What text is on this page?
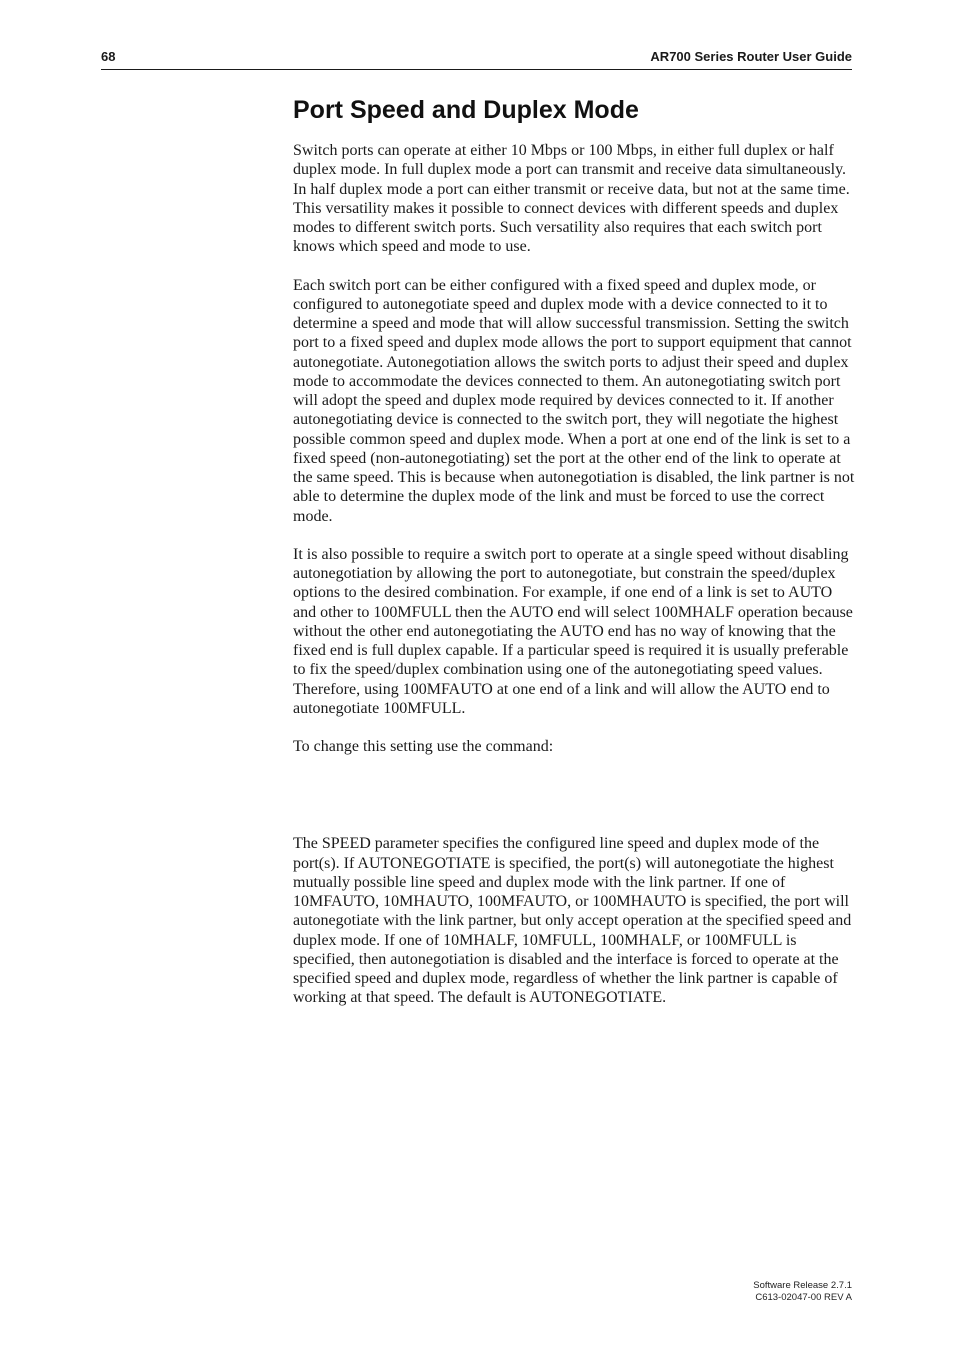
68	AR700 Series Router User Guide
Port Speed and Duplex Mode

Switch ports can operate at either 10 Mbps or 100 Mbps, in either full duplex or half duplex mode. In full duplex mode a port can transmit and receive data simultaneously. In half duplex mode a port can either transmit or receive data, but not at the same time. This versatility makes it possible to connect devices with different speeds and duplex modes to different switch ports. Such versatility also requires that each switch port knows which speed and mode to use.

Each switch port can be either configured with a fixed speed and duplex mode, or configured to autonegotiate speed and duplex mode with a device connected to it to determine a speed and mode that will allow successful transmission. Setting the switch port to a fixed speed and duplex mode allows the port to support equipment that cannot autonegotiate. Autonegotiation allows the switch ports to adjust their speed and duplex mode to accommodate the devices connected to them. An autonegotiating switch port will adopt the speed and duplex mode required by devices connected to it. If another autonegotiating device is connected to the switch port, they will negotiate the highest possible common speed and duplex mode. When a port at one end of the link is set to a fixed speed (non-autonegotiating) set the port at the other end of the link to operate at the same speed. This is because when autonegotiation is disabled, the link partner is not able to determine the duplex mode of the link and must be forced to use the correct mode.

It is also possible to require a switch port to operate at a single speed without disabling autonegotiation by allowing the port to autonegotiate, but constrain the speed/duplex options to the desired combination. For example, if one end of a link is set to AUTO and other to 100MFULL then the AUTO end will select 100MHALF operation because without the other end autonegotiating the AUTO end has no way of knowing that the fixed end is full duplex capable. If a particular speed is required it is usually preferable to fix the speed/duplex combination using one of the autonegotiating speed values. Therefore, using 100MFAUTO at one end of a link and will allow the AUTO end to autonegotiate 100MFULL.

To change this setting use the command:

The SPEED parameter specifies the configured line speed and duplex mode of the port(s). If AUTONEGOTIATE is specified, the port(s) will autonegotiate the highest mutually possible line speed and duplex mode with the link partner. If one of 10MFAUTO, 10MHAUTO, 100MFAUTO, or 100MHAUTO is specified, the port will autonegotiate with the link partner, but only accept operation at the specified speed and duplex mode. If one of 10MHALF, 10MFULL, 100MHALF, or 100MFULL is specified, then autonegotiation is disabled and the interface is forced to operate at the specified speed and duplex mode, regardless of whether the link partner is capable of working at that speed. The default is AUTONEGOTIATE.

Software Release 2.7.1
C613-02047-00 REV A
